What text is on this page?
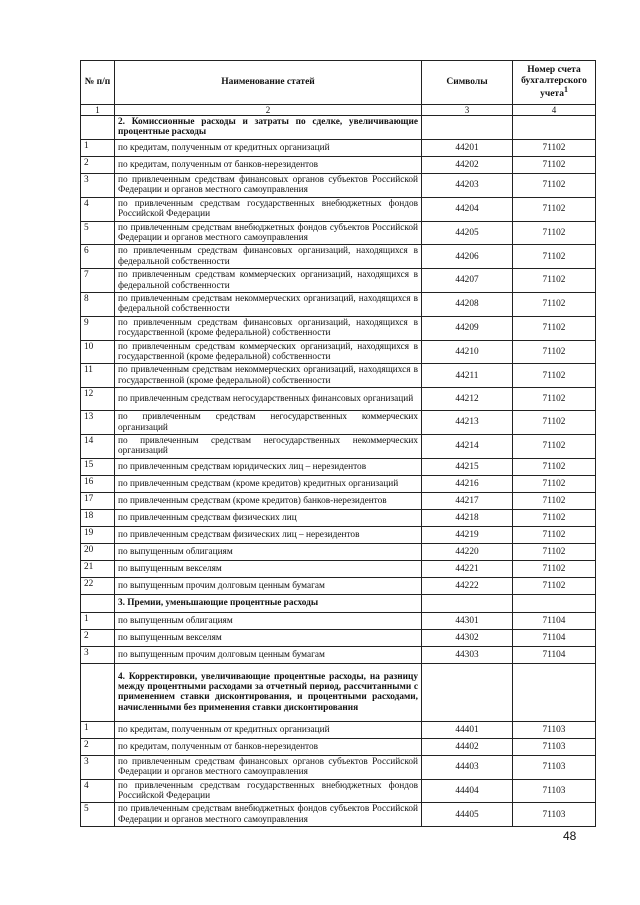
№ п/п	Наименование статей	Символы	Номер счета бухгалтерского учета$^1$
1	2	3	4
	2. Комиссионные расходы и затраты по сделке, увеличивающие процентные расходы		
1	по кредитам, полученным от кредитных организаций	44201	71102
2	по кредитам, полученным от банков-нерезидентов	44202	71102
3	по привлеченным средствам финансовых органов субъектов Российской Федерации и органов местного самоуправления	44203	71102
4	по привлеченным средствам государственных внебюджетных фондов Российской Федерации	44204	71102
5	по привлеченным средствам внебюджетных фондов субъектов Российской Федерации и органов местного самоуправления	44205	71102
6	по привлеченным средствам финансовых организаций, находящихся в федеральной собственности	44206	71102
7	по привлеченным средствам коммерческих организаций, находящихся в федеральной собственности	44207	71102
8	по привлеченным средствам некоммерческих организаций, находящихся в федеральной собственности	44208	71102
9	по привлеченным средствам финансовых организаций, находящихся в государственной (кроме федеральной) собственности	44209	71102
10	по привлеченным средствам коммерческих организаций, находящихся в государственной (кроме федеральной) собственности	44210	71102
11	по привлеченным средствам некоммерческих организаций, находящихся в государственной (кроме федеральной) собственности	44211	71102
12	по привлеченным средствам негосударственных финансовых организаций	44212	71102
13	по привлеченным средствам негосударственных коммерческих организаций	44213	71102
14	по привлеченным средствам негосударственных некоммерческих организаций	44214	71102
15	по привлеченным средствам юридических лиц – нерезидентов	44215	71102
16	по привлеченным средствам (кроме кредитов) кредитных организаций	44216	71102
17	по привлеченным средствам (кроме кредитов) банков-нерезидентов	44217	71102
18	по привлеченным средствам физических лиц	44218	71102
19	по привлеченным средствам физических лиц – нерезидентов	44219	71102
20	по выпущенным облигациям	44220	71102
21	по выпущенным векселям	44221	71102
22	по выпущенным прочим долговым ценным бумагам	44222	71102
	3. Премии, уменьшающие процентные расходы		
1	по выпущенным облигациям	44301	71104
2	по выпущенным векселям	44302	71104
3	по выпущенным прочим долговым ценным бумагам	44303	71104
	4. Корректировки, увеличивающие процентные расходы, на разницу между процентными расходами за отчетный период, рассчитанными с применением ставки дисконтирования, и процентными расходами, начисленными без применения ставки дисконтирования		
1	по кредитам, полученным от кредитных организаций	44401	71103
2	по кредитам, полученным от банков-нерезидентов	44402	71103
3	по привлеченным средствам финансовых органов субъектов Российской Федерации и органов местного самоуправления	44403	71103
4	по привлеченным средствам государственных внебюджетных фондов Российской Федерации	44404	71103
5	по привлеченным средствам внебюджетных фондов субъектов Российской Федерации и органов местного самоуправления	44405	71103
48
